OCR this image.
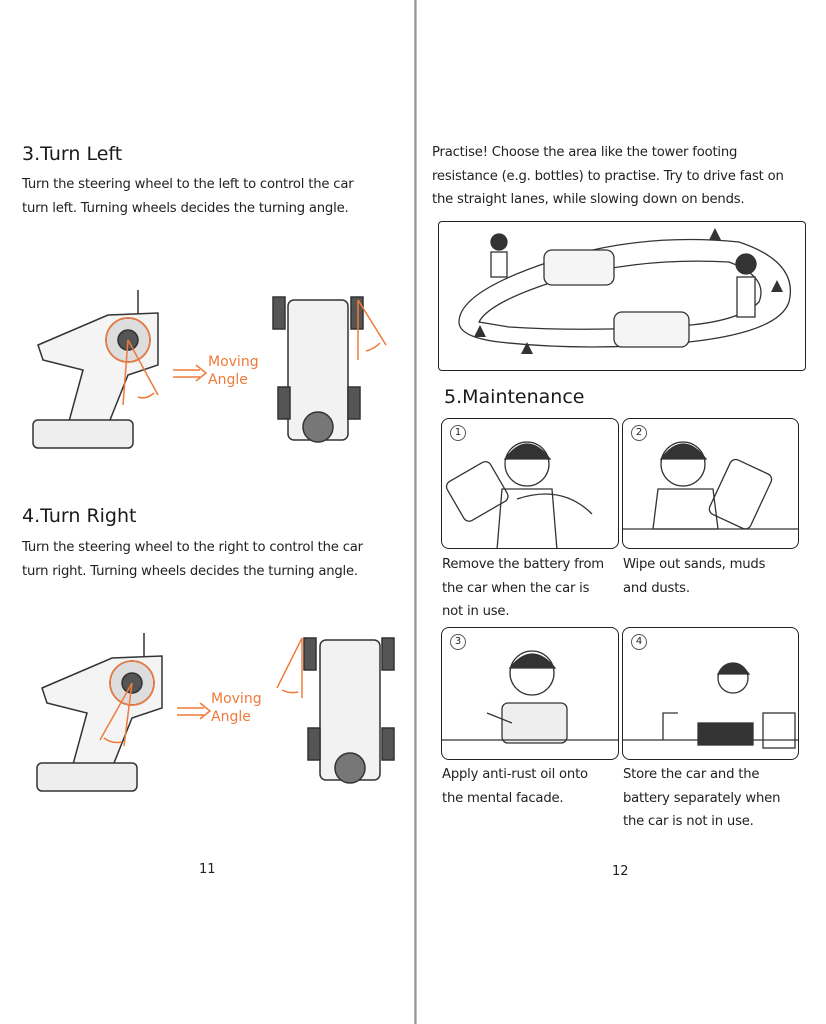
3.Turn Left
Turn the steering wheel to the left to control the car
turn left. Turning wheels decides the turning angle.
Moving
Angle
4.Turn Right
Turn the steering wheel to the right to control the car
turn right. Turning wheels decides the turning angle.
Moving
Angle
11
Practise! Choose the area like the tower footing
resistance (e.g. bottles) to practise. Try to drive fast on
the straight lanes, while slowing down on bends.
5.Maintenance
1	2
Remove the battery from
the car when the car is
not in use.
Wipe out sands, muds
and dusts.
3	4
Apply anti-rust oil onto
the mental facade.
Store the car and the
battery separately when
the car is not in use.
12
